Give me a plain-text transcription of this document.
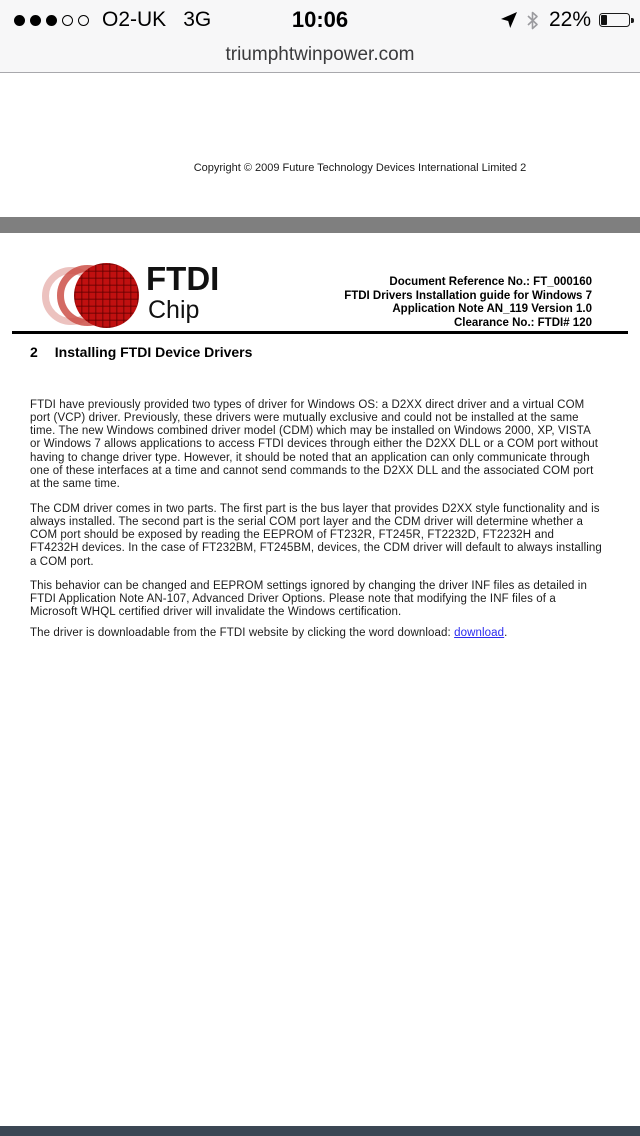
O2-UK 3G	10:06	22%
triumphtwinpower.com
Copyright © 2009 Future Technology Devices International Limited 2
FTDI
Chip
Document Reference No.: FT_000160
FTDI Drivers Installation guide for Windows 7
Application Note AN_119 Version 1.0
Clearance No.: FTDI# 120
2 Installing FTDI Device Drivers

FTDI have previously provided two types of driver for Windows OS: a D2XX direct driver and a virtual COM port (VCP) driver. Previously, these drivers were mutually exclusive and could not be installed at the same time. The new Windows combined driver model (CDM) which may be installed on Windows 2000, XP, VISTA or Windows 7 allows applications to access FTDI devices through either the D2XX DLL or a COM port without having to change driver type. However, it should be noted that an application can only communicate through one of these interfaces at a time and cannot send commands to the D2XX DLL and the associated COM port at the same time.

The CDM driver comes in two parts. The first part is the bus layer that provides D2XX style functionality and is always installed. The second part is the serial COM port layer and the CDM driver will determine whether a COM port should be exposed by reading the EEPROM of FT232R, FT245R, FT2232D, FT2232H and FT4232H devices. In the case of FT232BM, FT245BM, devices, the CDM driver will default to always installing a COM port.

This behavior can be changed and EEPROM settings ignored by changing the driver INF files as detailed in FTDI Application Note AN-107, Advanced Driver Options. Please note that modifying the INF files of a Microsoft WHQL certified driver will invalidate the Windows certification.

The driver is downloadable from the FTDI website by clicking the word download: download.
